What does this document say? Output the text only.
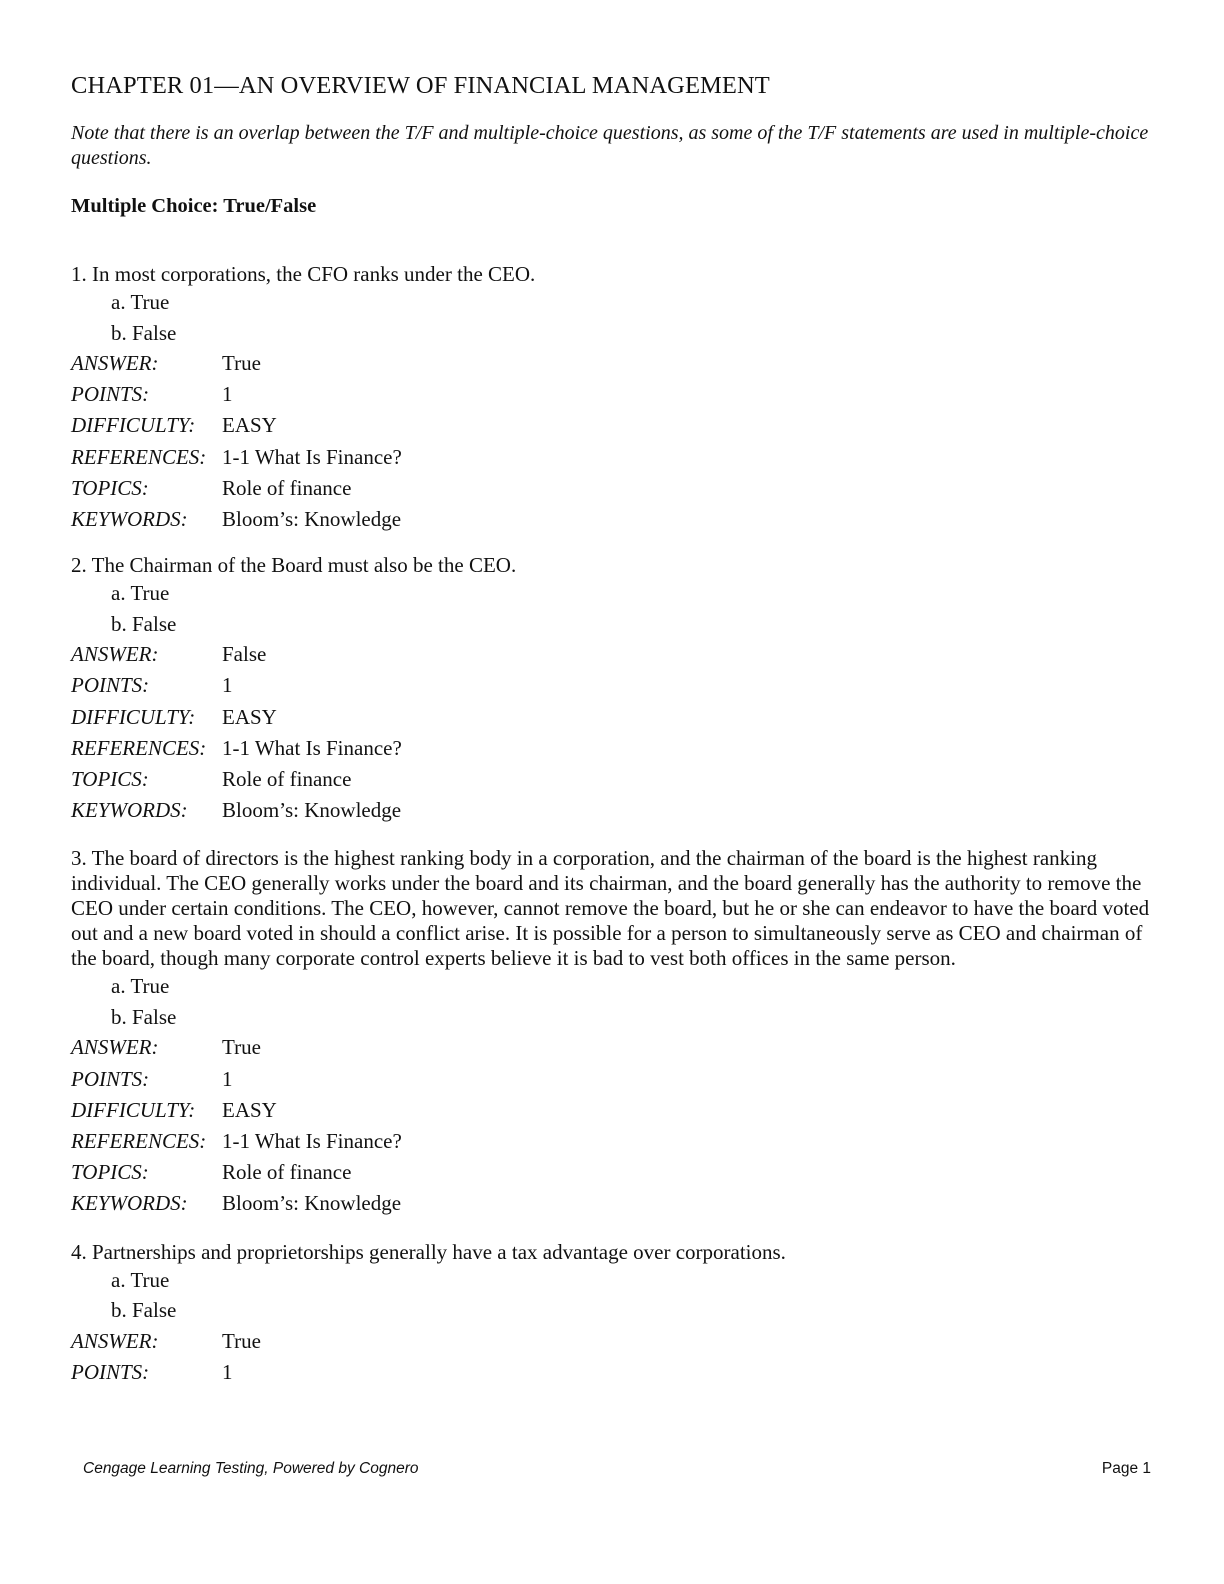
CHAPTER 01—AN OVERVIEW OF FINANCIAL MANAGEMENT
Note that there is an overlap between the T/F and multiple-choice questions, as some of the T/F statements are used in multiple-choice questions.
Multiple Choice: True/False
1. In most corporations, the CFO ranks under the CEO.
a. True
b. False
ANSWER:	True
POINTS:	1
DIFFICULTY:	EASY
REFERENCES: 1-1 What Is Finance?
TOPICS:	Role of finance
KEYWORDS:	Bloom’s: Knowledge
2. The Chairman of the Board must also be the CEO.
a. True
b. False
ANSWER:	False
POINTS:	1
DIFFICULTY:	EASY
REFERENCES: 1-1 What Is Finance?
TOPICS:	Role of finance
KEYWORDS:	Bloom’s: Knowledge
3. The board of directors is the highest ranking body in a corporation, and the chairman of the board is the highest ranking individual. The CEO generally works under the board and its chairman, and the board generally has the authority to remove the CEO under certain conditions. The CEO, however, cannot remove the board, but he or she can endeavor to have the board voted out and a new board voted in should a conflict arise. It is possible for a person to simultaneously serve as CEO and chairman of the board, though many corporate control experts believe it is bad to vest both offices in the same person.
a. True
b. False
ANSWER:	True
POINTS:	1
DIFFICULTY:	EASY
REFERENCES: 1-1 What Is Finance?
TOPICS:	Role of finance
KEYWORDS:	Bloom’s: Knowledge
4. Partnerships and proprietorships generally have a tax advantage over corporations.
a. True
b. False
ANSWER:	True
POINTS:	1
Cengage Learning Testing, Powered by Cognero	Page 1
